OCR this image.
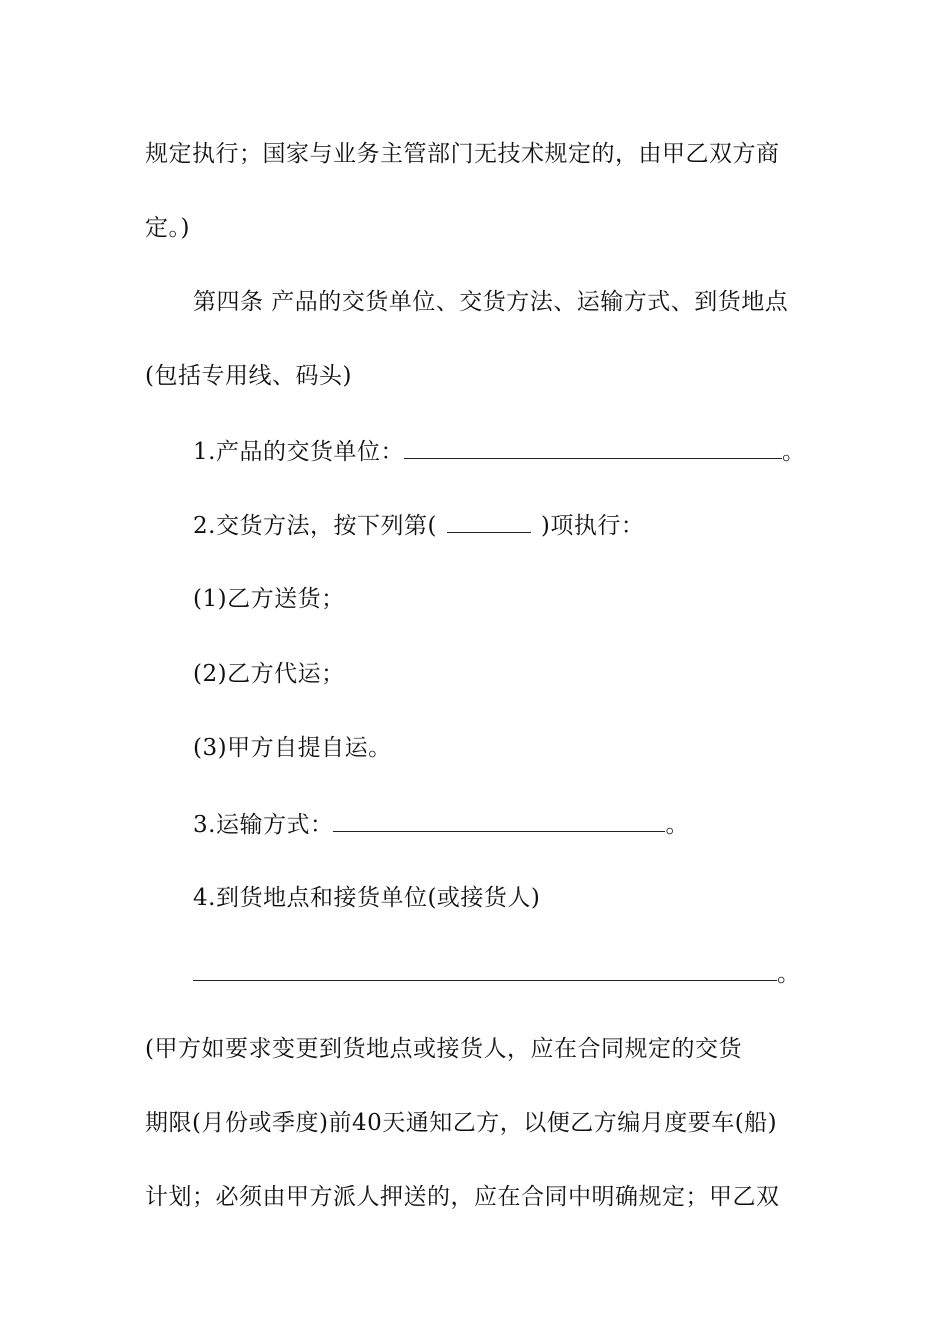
规定执行；国家与业务主管部门无技术规定的，由甲乙双方商
定。)
第四条 产品的交货单位、交货方法、运输方式、到货地点
(包括专用线、码头)
1.产品的交货单位：	。
2.交货方法，按下列第(	)项执行：
(1)乙方送货；
(2)乙方代运；
(3)甲方自提自运。
3.运输方式：	。
4.到货地点和接货单位(或接货人)
。
(甲方如要求变更到货地点或接货人，应在合同规定的交货
期限(月份或季度)前40天通知乙方，以便乙方编月度要车(船)
计划；必须由甲方派人押送的，应在合同中明确规定；甲乙双
